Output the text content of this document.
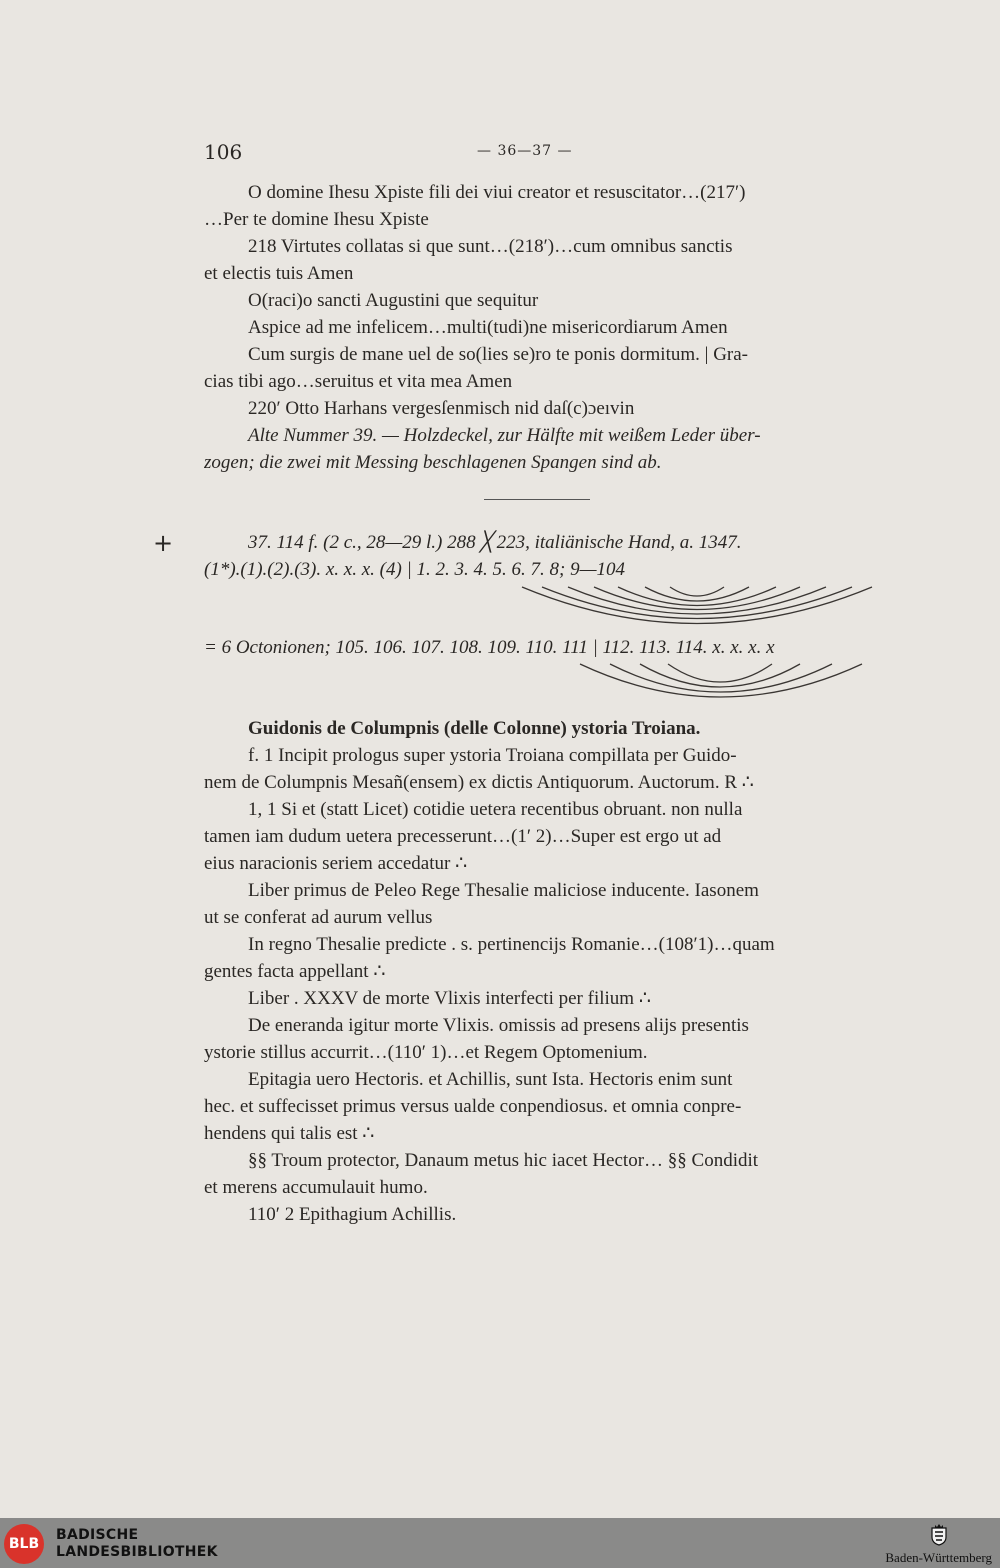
106	— 36—37 —
O domine Ihesu Xpiste fili dei viui creator et resuscitator…(217′)
…Per te domine Ihesu Xpiste
218 Virtutes collatas si que sunt…(218′)…cum omnibus sanctis
et electis tuis Amen
O(raci)o sancti Augustini que sequitur
Aspice ad me infelicem…multi(tudi)ne misericordiarum Amen
Cum surgis de mane uel de so(lies se)ro te ponis dormitum. | Gra-
cias tibi ago…seruitus et vita mea Amen
220′ Otto Harhans vergesſenmisch nid daſ(c)ɔeıvin
Alte Nummer 39. — Holzdeckel, zur Hälfte mit weißem Leder über-
zogen; die zwei mit Messing beschlagenen Spangen sind ab.
+	37. 114 f. (2 c., 28—29 l.) 288 ╳ 223, italiänische Hand, a. 1347.
(1*).(1).(2).(3). x. x. x. (4) | 1. 2. 3. 4. 5. 6. 7. 8; 9—104
= 6 Octonionen; 105. 106. 107. 108. 109. 110. 111 | 112. 113. 114. x. x. x. x
Guidonis de Columpnis (delle Colonne) ystoria Troiana.
f. 1 Incipit prologus super ystoria Troiana compillata per Guido-
nem de Columpnis Mesañ(ensem) ex dictis Antiquorum. Auctorum. R ∴
1, 1 Si et (statt Licet) cotidie uetera recentibus obruant. non nulla
tamen iam dudum uetera precesserunt…(1′ 2)…Super est ergo ut ad
eius naracionis seriem accedatur ∴
Liber primus de Peleo Rege Thesalie maliciose inducente. Iasonem
ut se conferat ad aurum vellus
In regno Thesalie predicte . s. pertinencijs Romanie…(108′1)…quam
gentes facta appellant ∴
Liber . XXXV de morte Vlixis interfecti per filium ∴
De eneranda igitur morte Vlixis. omissis ad presens alijs presentis
ystorie stillus accurrit…(110′ 1)…et Regem Optomenium.
Epitagia uero Hectoris. et Achillis, sunt Ista. Hectoris enim sunt
hec. et suffecisset primus versus ualde conpendiosus. et omnia conpre-
hendens qui talis est ∴
§§ Troum protector, Danaum metus hic iacet Hector… §§ Condidit
et merens accumulauit humo.
110′ 2 Epithagium Achillis.
BLB
BADISCHE
LANDESBIBLIOTHEK	Baden-Württemberg
